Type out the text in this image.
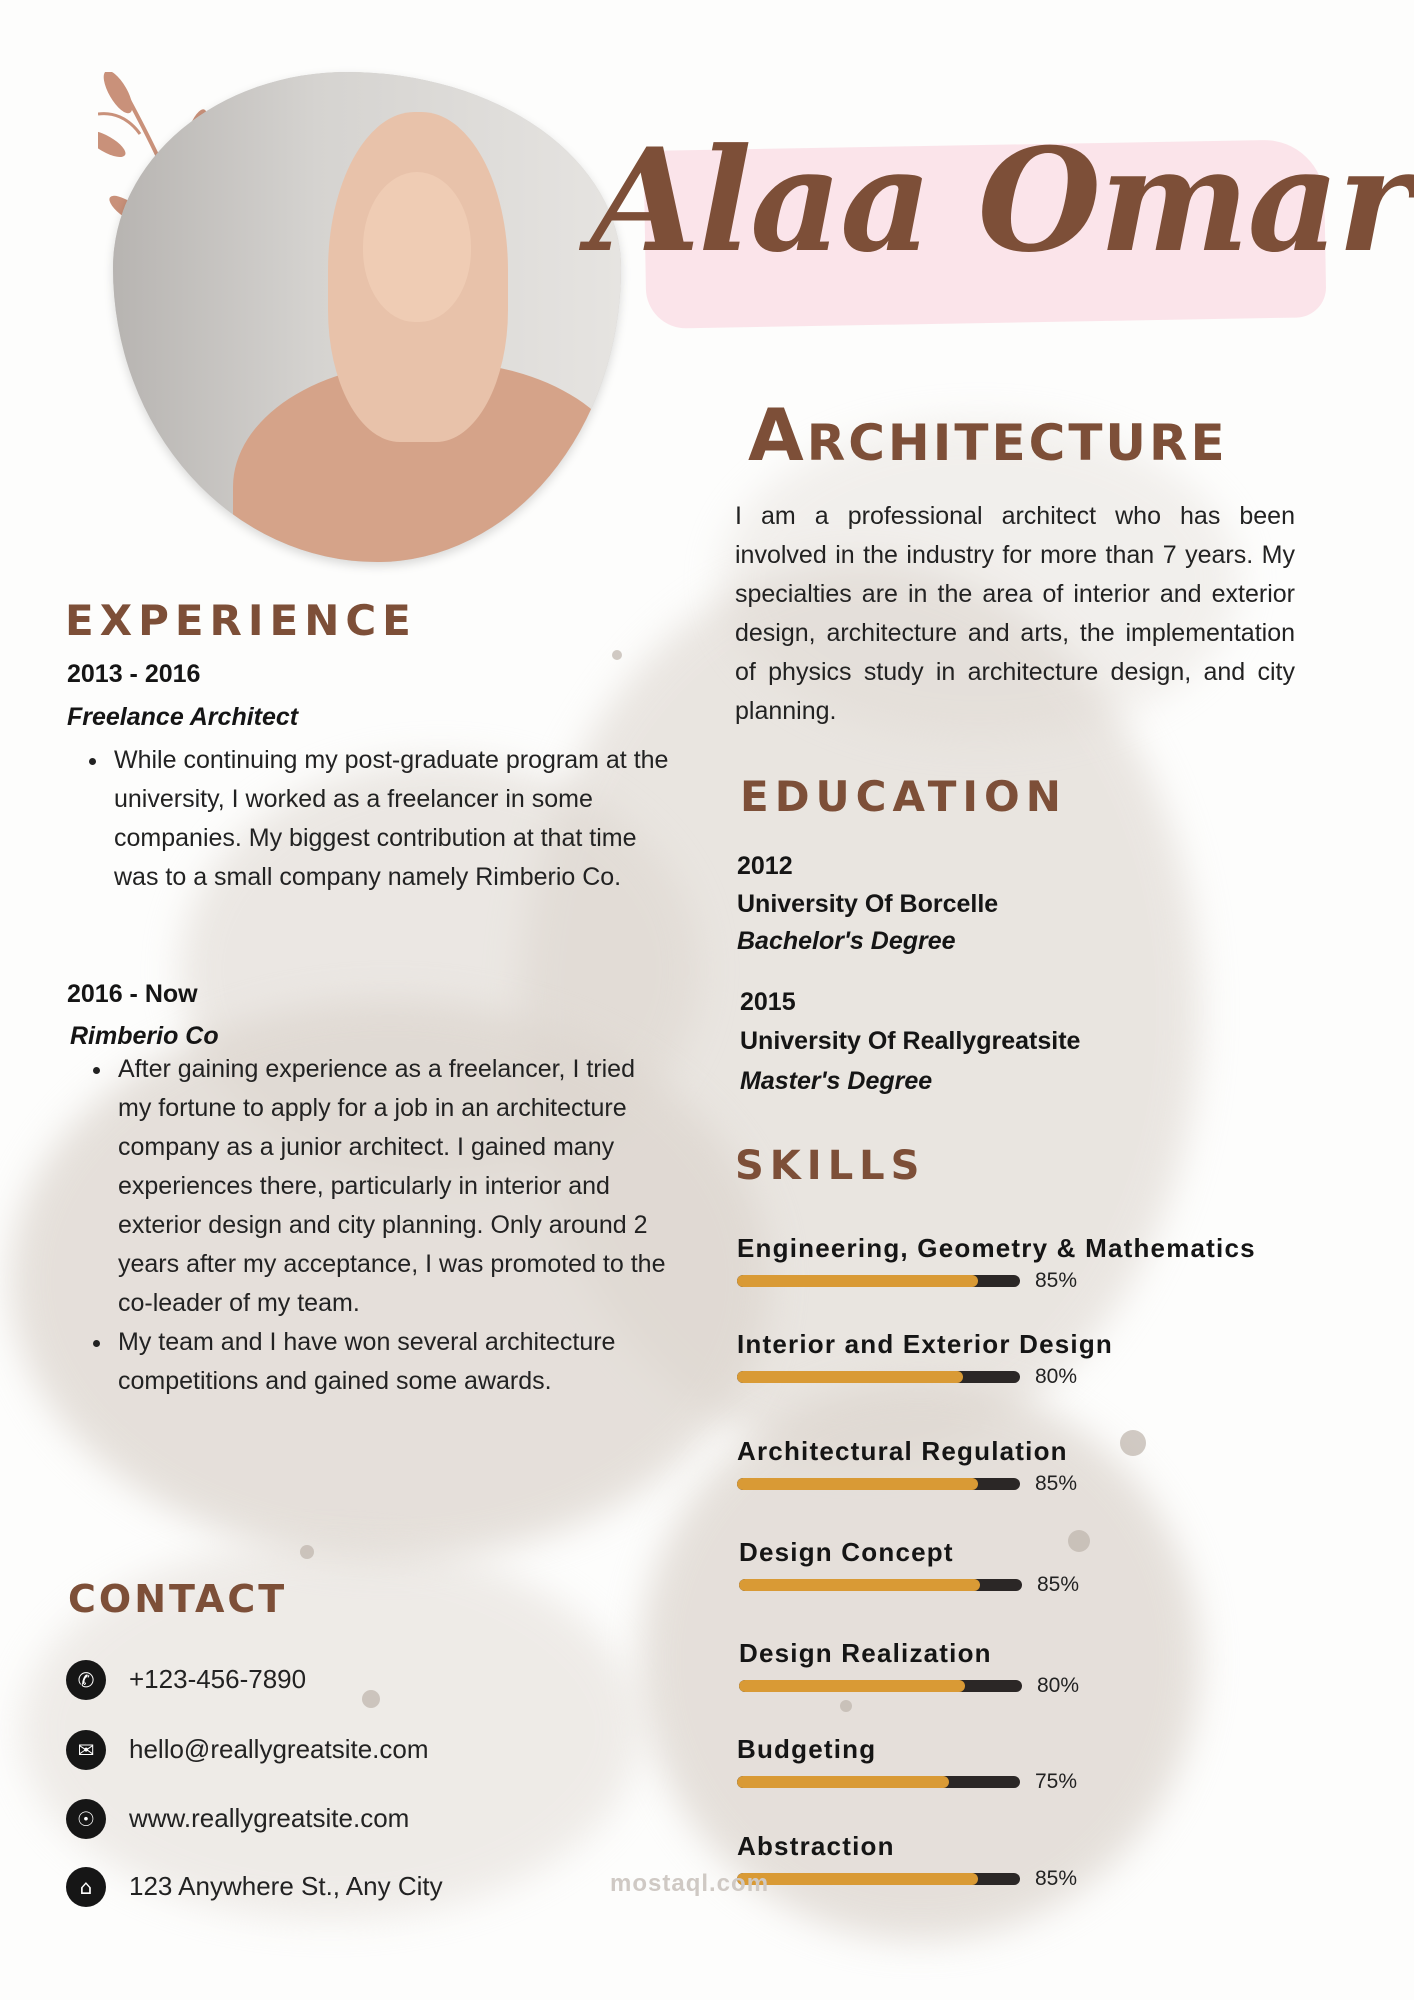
Alaa Omar
Architecture
I am a professional architect who has been involved in the industry for more than 7 years. My specialties are in the area of interior and exterior design, architecture and arts, the implementation of physics study in architecture design, and city planning.
EXPERIENCE
2013 - 2016
Freelance Architect
• While continuing my post-graduate program at the university, I worked as a freelancer in some companies. My biggest contribution at that time was to a small company namely Rimberio Co.
2016 - Now
Rimberio Co
• After gaining experience as a freelancer, I tried my fortune to apply for a job in an architecture company as a junior architect. I gained many experiences there, particularly in interior and exterior design and city planning. Only around 2 years after my acceptance, I was promoted to the co-leader of my team.
• My team and I have won several architecture competitions and gained some awards.
EDUCATION
2012
University Of Borcelle
Bachelor's Degree
2015
University Of Reallygreatsite
Master's Degree
SKILLS
Engineering, Geometry & Mathematics
85%
Interior and Exterior Design
80%
Architectural Regulation
85%
Design Concept
85%
Design Realization
80%
Budgeting
75%
Abstraction
85%
CONTACT
✆	+123-456-7890
✉	hello@reallygreatsite.com
☉	www.reallygreatsite.com
⌂	123 Anywhere St., Any City	mostaql.com
